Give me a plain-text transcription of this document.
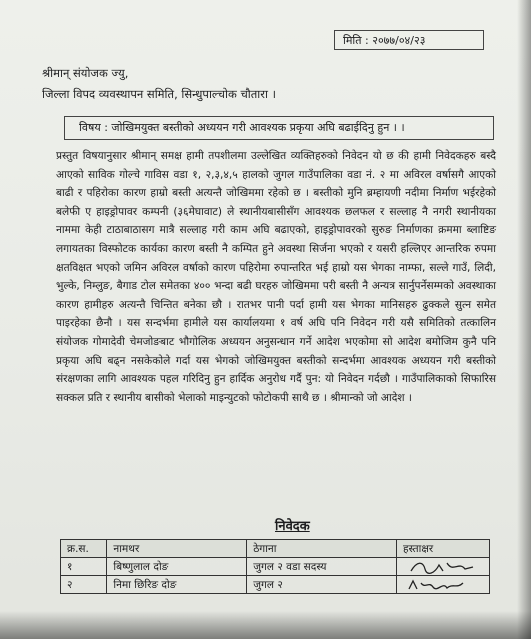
मिति : २०७७/०४/२३
श्रीमान् संयोजक ज्यु,
जिल्ला विपद व्यवस्थापन समिति, सिन्धुपाल्चोक चौतारा ।
विषय : जोखिमयुक्त बस्तीको अध्ययन गरी आवश्यक प्रकृया अघि बढाईदिनु हुन । ।

प्रस्तुत विषयानुसार श्रीमान् समक्ष हामी तपशीलमा उल्लेखित व्यक्तिहरुको निवेदन यो छ की हामी निवेदकहरु बस्दै आएको साविक गोल्चे गाविस वडा १, २,३,४,५ हालको जुगल गाउँपालिका वडा नं. २ मा अविरल वर्षासगै आएको बाढी र पहिरोका कारण हाम्रो बस्ती अत्यन्तै जोखिममा रहेको छ । बस्तीको मुनि ब्रम्हायणी नदीमा निर्माण भईरहेको बलेफी ए हाइड्रोपावर कम्पनी (३६मेघावाट) ले स्थानीयबासीसँग आवश्यक छलफल र सल्लाह नै नगरी स्थानीयका नाममा केही टाठाबाठासग मात्रै सल्लाह गरी काम अघि बढाएको, हाइड्रोपावरको सुरुङ निर्माणका क्रममा ब्लाष्टिङ लगायतका विस्फोटक कार्यका कारण बस्ती नै कम्पित हुने अवस्था सिर्जना भएको र यसरी हल्लिएर आन्तरिक रुपमा क्षतविक्षत भएको जमिन अविरल वर्षाको कारण पहिरोमा रुपान्तरित भई हाम्रो यस भेगका नाम्फा, सल्ले गाउँ, लिदी, भुल्के, निम्लुङ, बैगाड टोल समेतका ४०० भन्दा बढी घरहरु जोखिममा परी बस्ती नै अन्यत्र सार्नुपर्नेसम्मको अवस्थाका कारण हामीहरु अत्यन्तै चिन्तित बनेका छौ । रातभर पानी पर्दा हामी यस भेगका मानिसहरु ढुक्कले सुत्न समेत पाइरहेका छैनौ । यस सन्दर्भमा हामीले यस कार्यालयमा १ वर्ष अघि पनि निवेदन गरी यसै समितिको तत्कालिन संयोजक गोमादेवी चेमजोङबाट भौगोलिक अध्ययन अनुसन्धान गर्ने आदेश भएकोमा सो आदेश बमोजिम कुनै पनि प्रकृया अघि बढ्न नसकेकोले गर्दा यस भेगको जोखिमयुक्त बस्तीको सन्दर्भमा आवश्यक अध्ययन गरी बस्तीको संरक्षणका लागि आवश्यक पहल गरिदिनु हुन हार्दिक अनुरोध गर्दै पुन: यो निवेदन गर्दछौ । गाउँपालिकाको सिफारिस सक्कल प्रति र स्थानीय बासीको भेलाको माइन्युटको फोटोकपी साथै छ । श्रीमान्को जो आदेश ।

निवेदक
क्र.स.	नामथर	ठेगाना	हस्ताक्षर
१	बिष्णुलाल दोङ	जुगल २ वडा सदस्य	

२	निमा छिरिङ दोङ	जुगल २	
